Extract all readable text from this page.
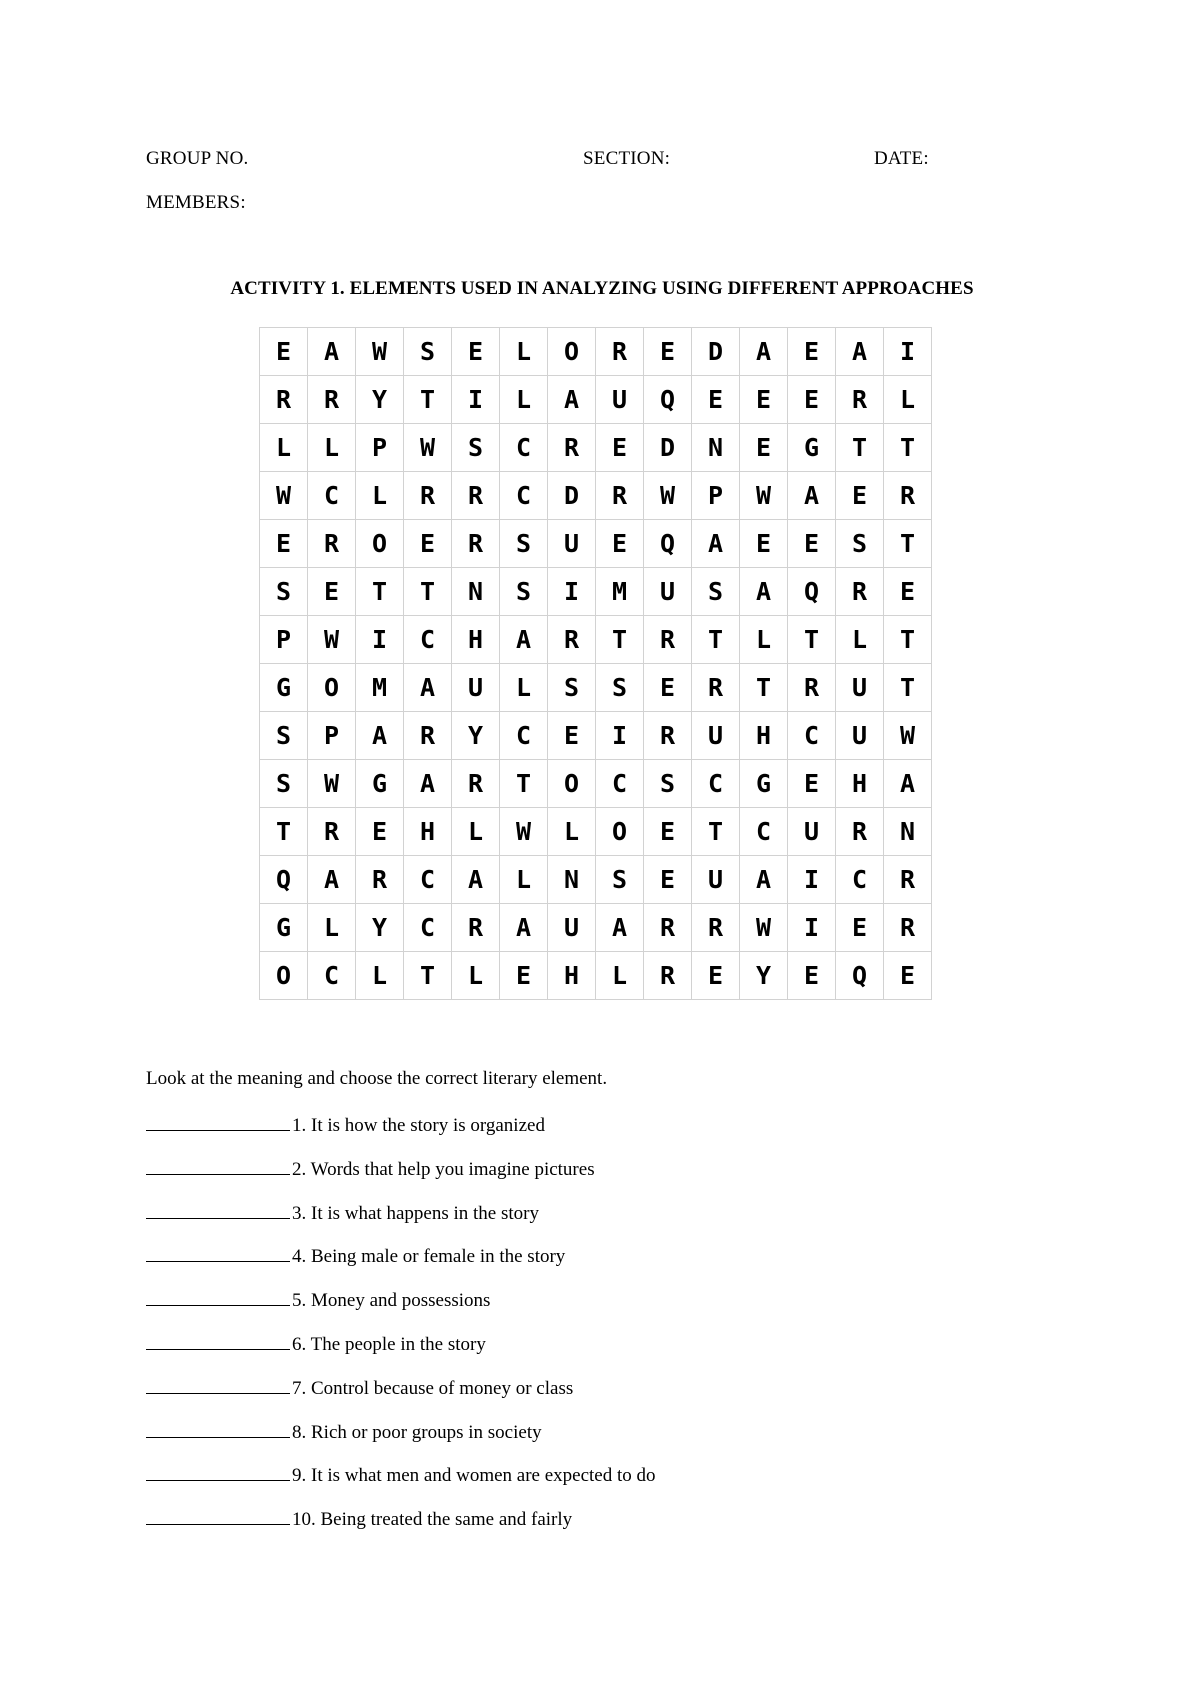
GROUP NO.	SECTION:	DATE:
MEMBERS:
ACTIVITY 1. ELEMENTS USED IN ANALYZING USING DIFFERENT APPROACHES
E	A	W	S	E	L	O	R	E	D	A	E	A	I
R	R	Y	T	I	L	A	U	Q	E	E	E	R	L
L	L	P	W	S	C	R	E	D	N	E	G	T	T
W	C	L	R	R	C	D	R	W	P	W	A	E	R
E	R	O	E	R	S	U	E	Q	A	E	E	S	T
S	E	T	T	N	S	I	M	U	S	A	Q	R	E
P	W	I	C	H	A	R	T	R	T	L	T	L	T
G	O	M	A	U	L	S	S	E	R	T	R	U	T
S	P	A	R	Y	C	E	I	R	U	H	C	U	W
S	W	G	A	R	T	O	C	S	C	G	E	H	A
T	R	E	H	L	W	L	O	E	T	C	U	R	N
Q	A	R	C	A	L	N	S	E	U	A	I	C	R
G	L	Y	C	R	A	U	A	R	R	W	I	E	R
O	C	L	T	L	E	H	L	R	E	Y	E	Q	E
Look at the meaning and choose the correct literary element.
1. It is how the story is organized
2. Words that help you imagine pictures
3. It is what happens in the story
4. Being male or female in the story
5. Money and possessions
6. The people in the story
7. Control because of money or class
8. Rich or poor groups in society
9. It is what men and women are expected to do
10. Being treated the same and fairly
